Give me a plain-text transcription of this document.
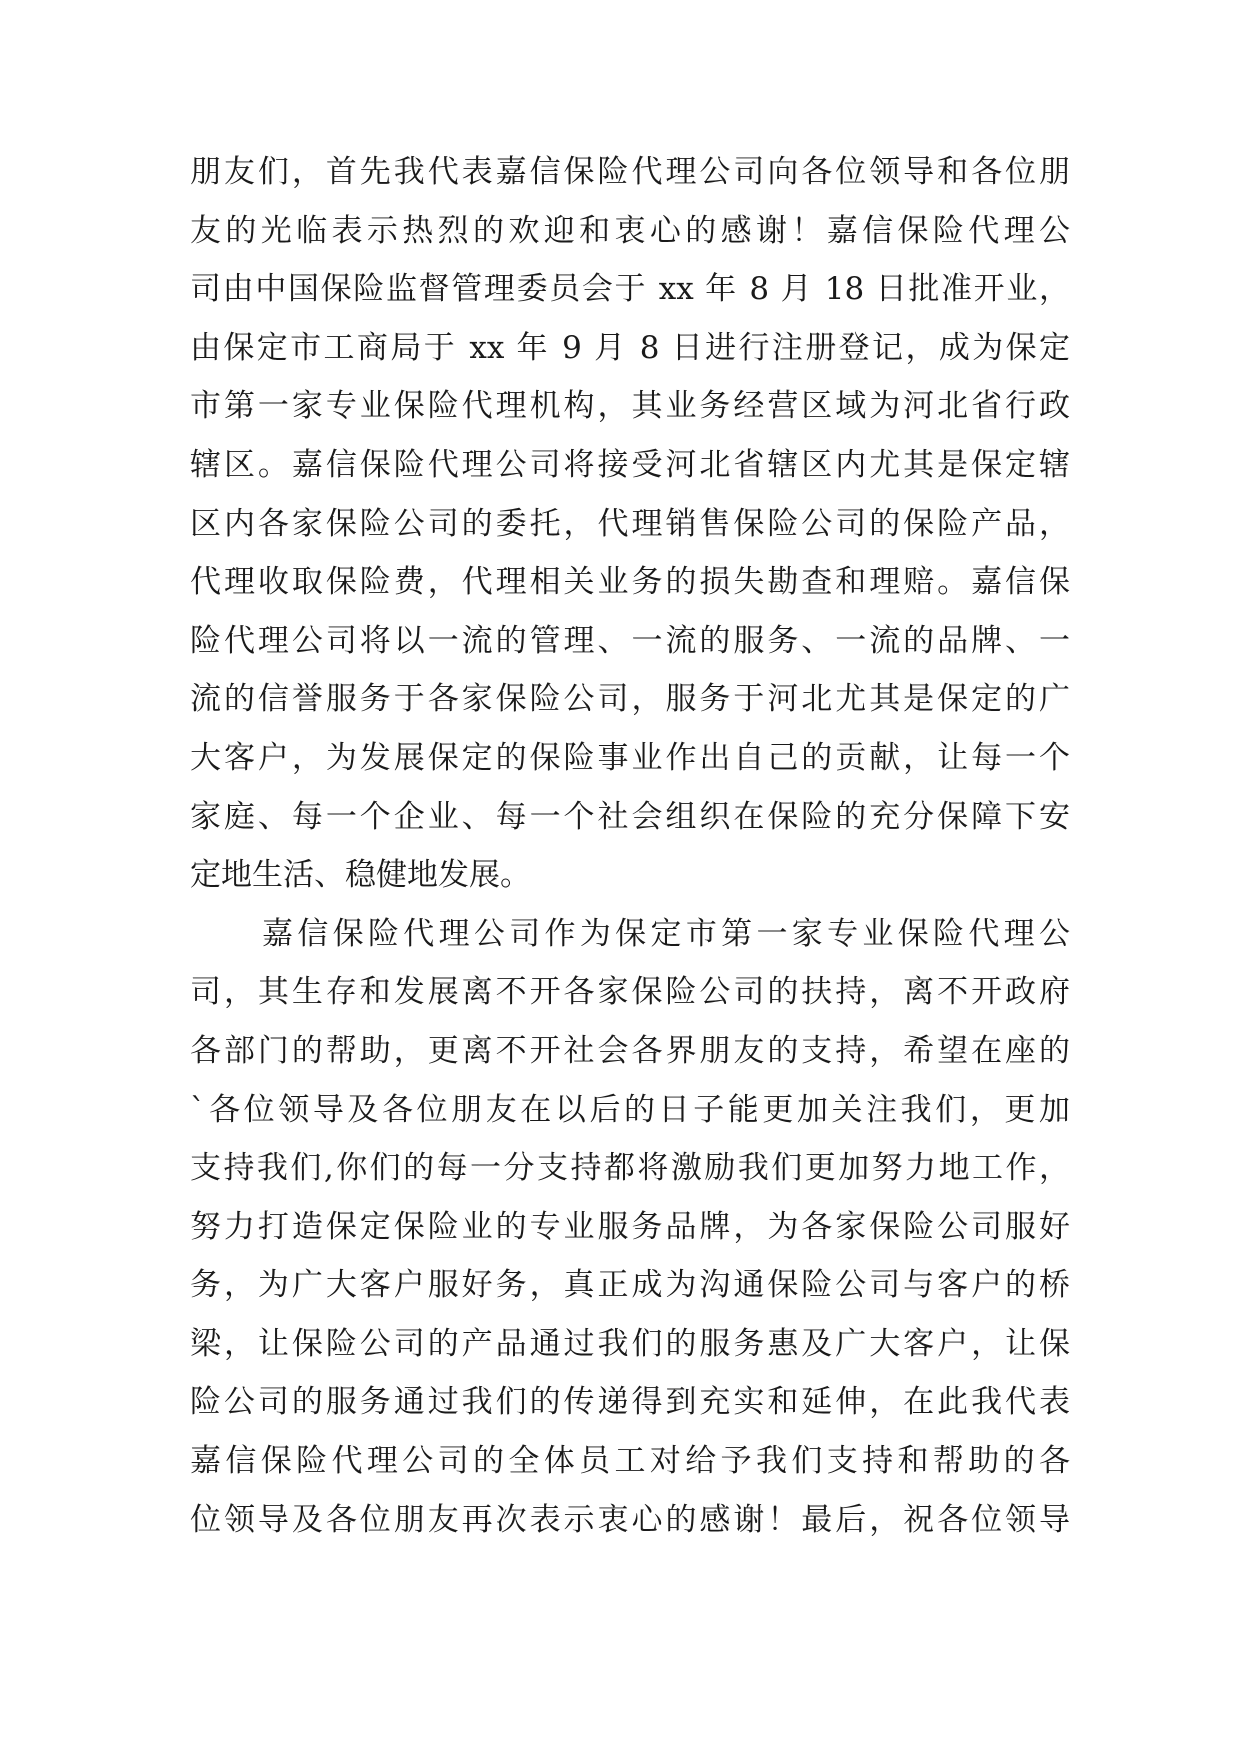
朋友们，首先我代表嘉信保险代理公司向各位领导和各位朋
友的光临表示热烈的欢迎和衷心的感谢！嘉信保险代理公
司由中国保险监督管理委员会于 xx 年 8 月 18 日批准开业，
由保定市工商局于 xx 年 9 月 8 日进行注册登记，成为保定
市第一家专业保险代理机构，其业务经营区域为河北省行政
辖区。嘉信保险代理公司将接受河北省辖区内尤其是保定辖
区内各家保险公司的委托，代理销售保险公司的保险产品，
代理收取保险费，代理相关业务的损失勘查和理赔。嘉信保
险代理公司将以一流的管理、一流的服务、一流的品牌、一
流的信誉服务于各家保险公司，服务于河北尤其是保定的广
大客户，为发展保定的保险事业作出自己的贡献，让每一个
家庭、每一个企业、每一个社会组织在保险的充分保障下安
定地生活、稳健地发展。
嘉信保险代理公司作为保定市第一家专业保险代理公
司，其生存和发展离不开各家保险公司的扶持，离不开政府
各部门的帮助，更离不开社会各界朋友的支持，希望在座的
`各位领导及各位朋友在以后的日子能更加关注我们，更加
支持我们,你们的每一分支持都将激励我们更加努力地工作，
努力打造保定保险业的专业服务品牌，为各家保险公司服好
务，为广大客户服好务，真正成为沟通保险公司与客户的桥
梁，让保险公司的产品通过我们的服务惠及广大客户，让保
险公司的服务通过我们的传递得到充实和延伸，在此我代表
嘉信保险代理公司的全体员工对给予我们支持和帮助的各
位领导及各位朋友再次表示衷心的感谢！最后，祝各位领导
